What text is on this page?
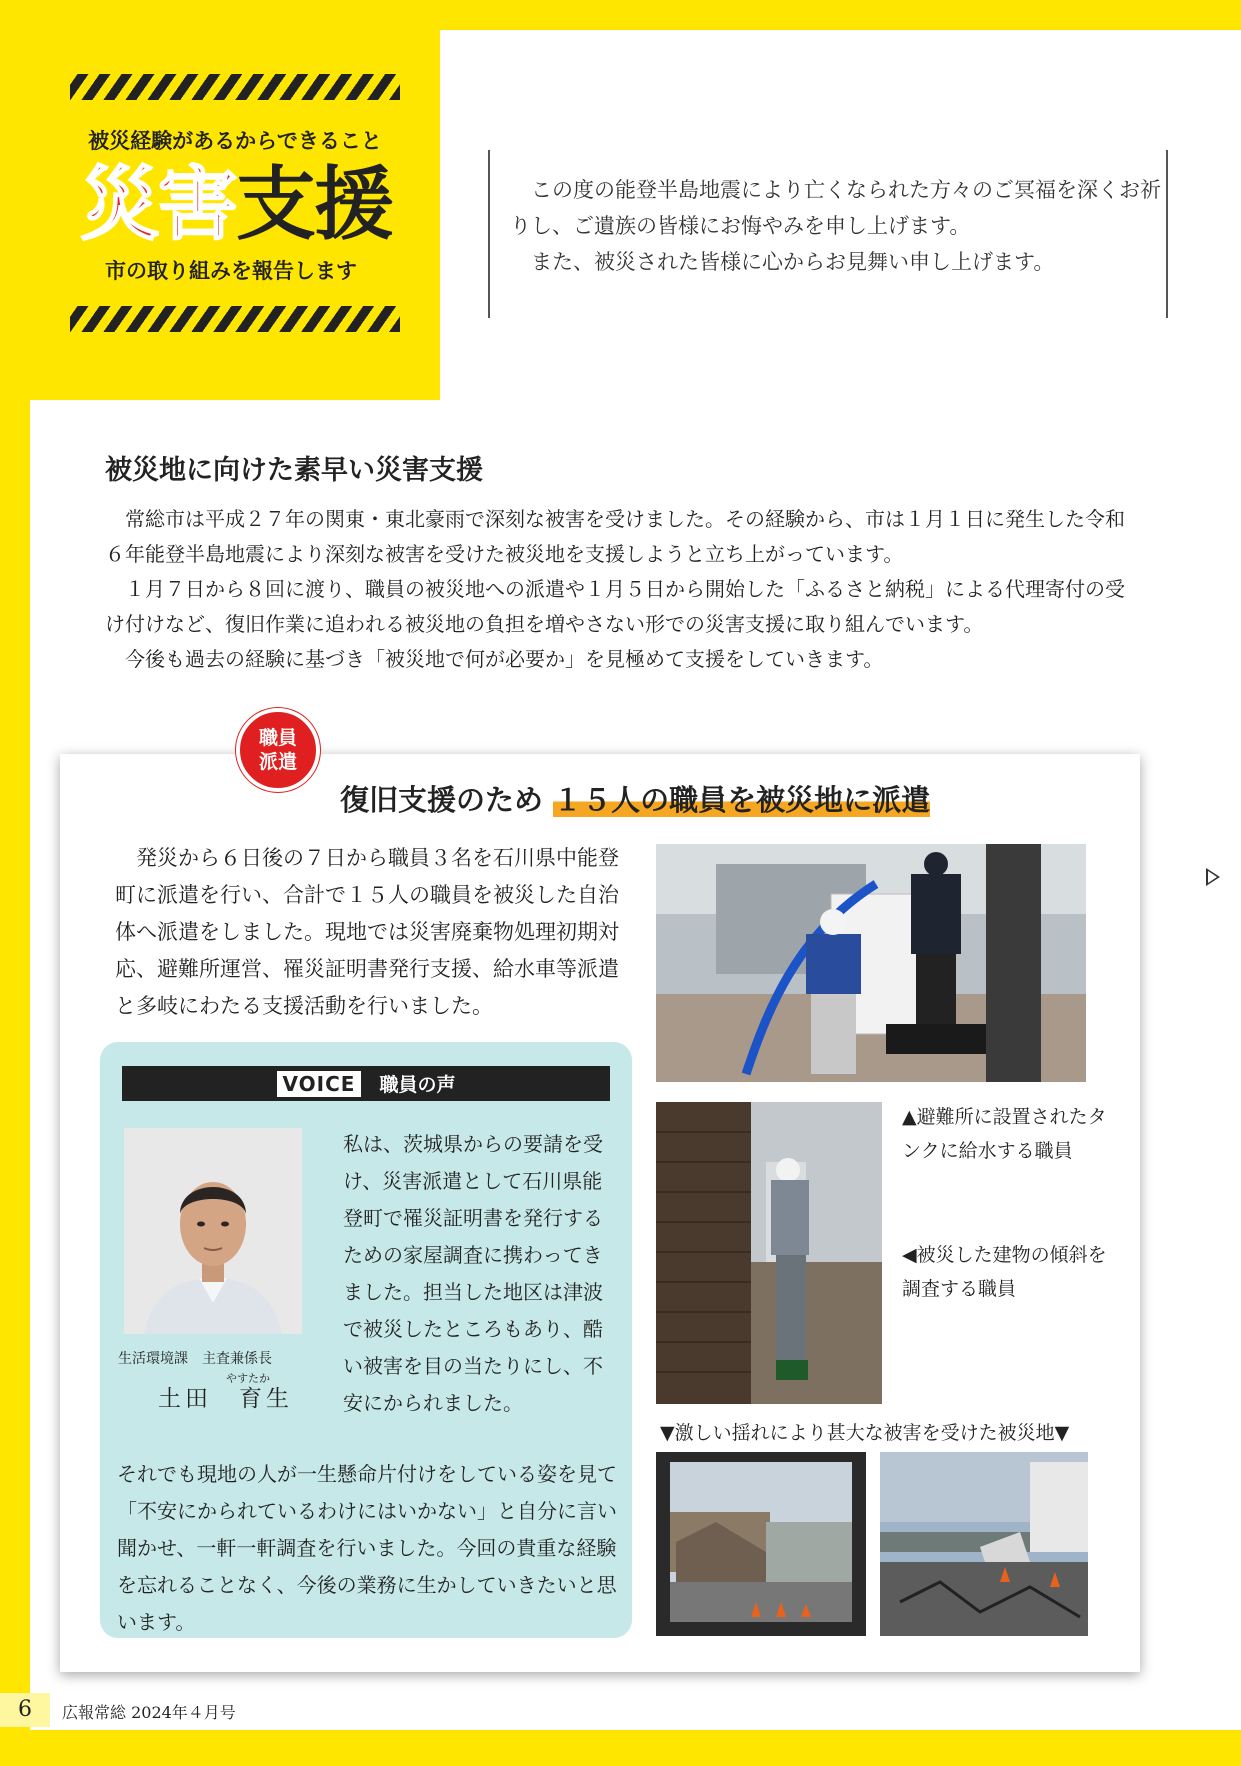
被災経験があるからできること
災害支援
市の取り組みを報告します

この度の能登半島地震により亡くなられた方々のご冥福を深くお祈りし、ご遺族の皆様にお悔やみを申し上げます。

また、被災された皆様に心からお見舞い申し上げます。

被災地に向けた素早い災害支援

常総市は平成２７年の関東・東北豪雨で深刻な被害を受けました。その経験から、市は１月１日に発生した令和６年能登半島地震により深刻な被害を受けた被災地を支援しようと立ち上がっています。

１月７日から８回に渡り、職員の被災地への派遣や１月５日から開始した「ふるさと納税」による代理寄付の受け付けなど、復旧作業に追われる被災地の負担を増やさない形での災害支援に取り組んでいます。

今後も過去の経験に基づき「被災地で何が必要か」を見極めて支援をしていきます。

職員
派遣
復旧支援のため １５人の職員を被災地に派遣

発災から６日後の７日から職員３名を石川県中能登町に派遣を行い、合計で１５人の職員を被災した自治体へ派遣をしました。現地では災害廃棄物処理初期対応、避難所運営、罹災証明書発行支援、給水車等派遣と多岐にわたる支援活動を行いました。

VOICE	職員の声
生活環境課　主査兼係長
やすたか
土田　育生
私は、茨城県からの要請を受け、災害派遣として石川県能登町で罹災証明書を発行するための家屋調査に携わってきました。担当した地区は津波で被災したところもあり、酷い被害を目の当たりにし、不安にかられました。
それでも現地の人が一生懸命片付けをしている姿を見て「不安にかられているわけにはいかない」と自分に言い聞かせ、一軒一軒調査を行いました。今回の貴重な経験を忘れることなく、今後の業務に生かしていきたいと思います。
▲避難所に設置されたタンクに給水する職員
◀被災した建物の傾斜を調査する職員
▼激しい揺れにより甚大な被害を受けた被災地▼
6	広報常総 2024年４月号
